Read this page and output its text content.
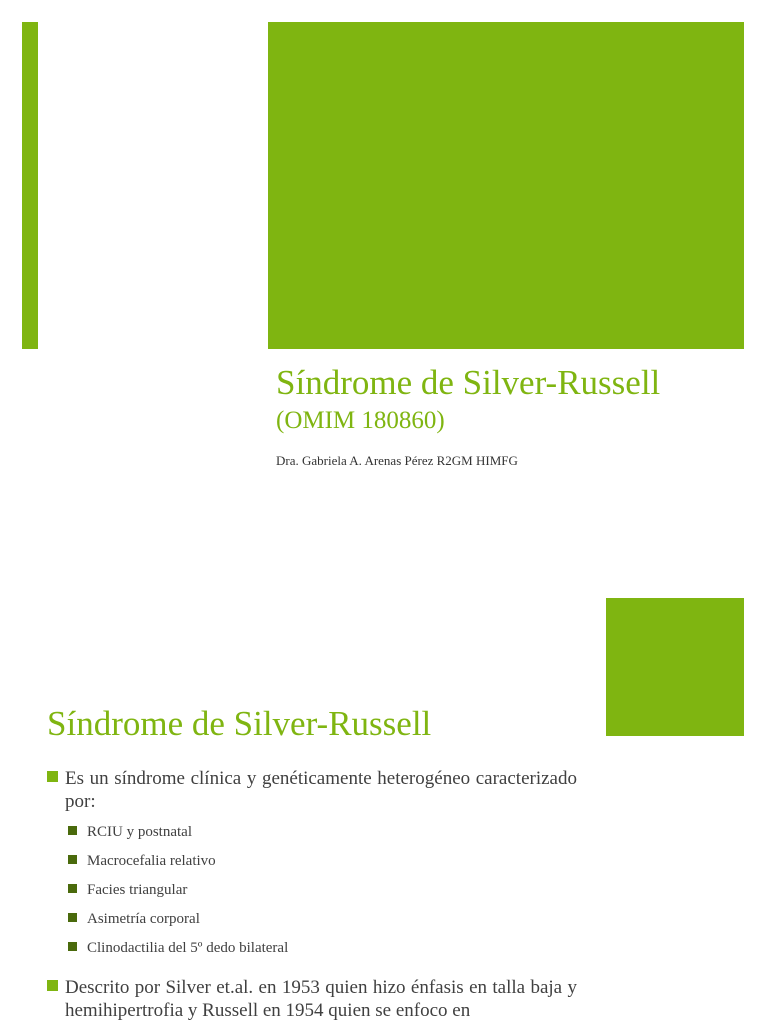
Síndrome de Silver-Russell
(OMIM 180860)
Dra. Gabriela A. Arenas Pérez R2GM HIMFG
Síndrome de Silver-Russell
Es un síndrome clínica y genéticamente heterogéneo caracterizado por:
RCIU y postnatal
Macrocefalia relativo
Facies triangular
Asimetría corporal
Clinodactilia del 5º dedo bilateral
Descrito por Silver et.al. en 1953 quien hizo énfasis en talla baja y hemihipertrofia y Russell en 1954 quien se enfoco en
